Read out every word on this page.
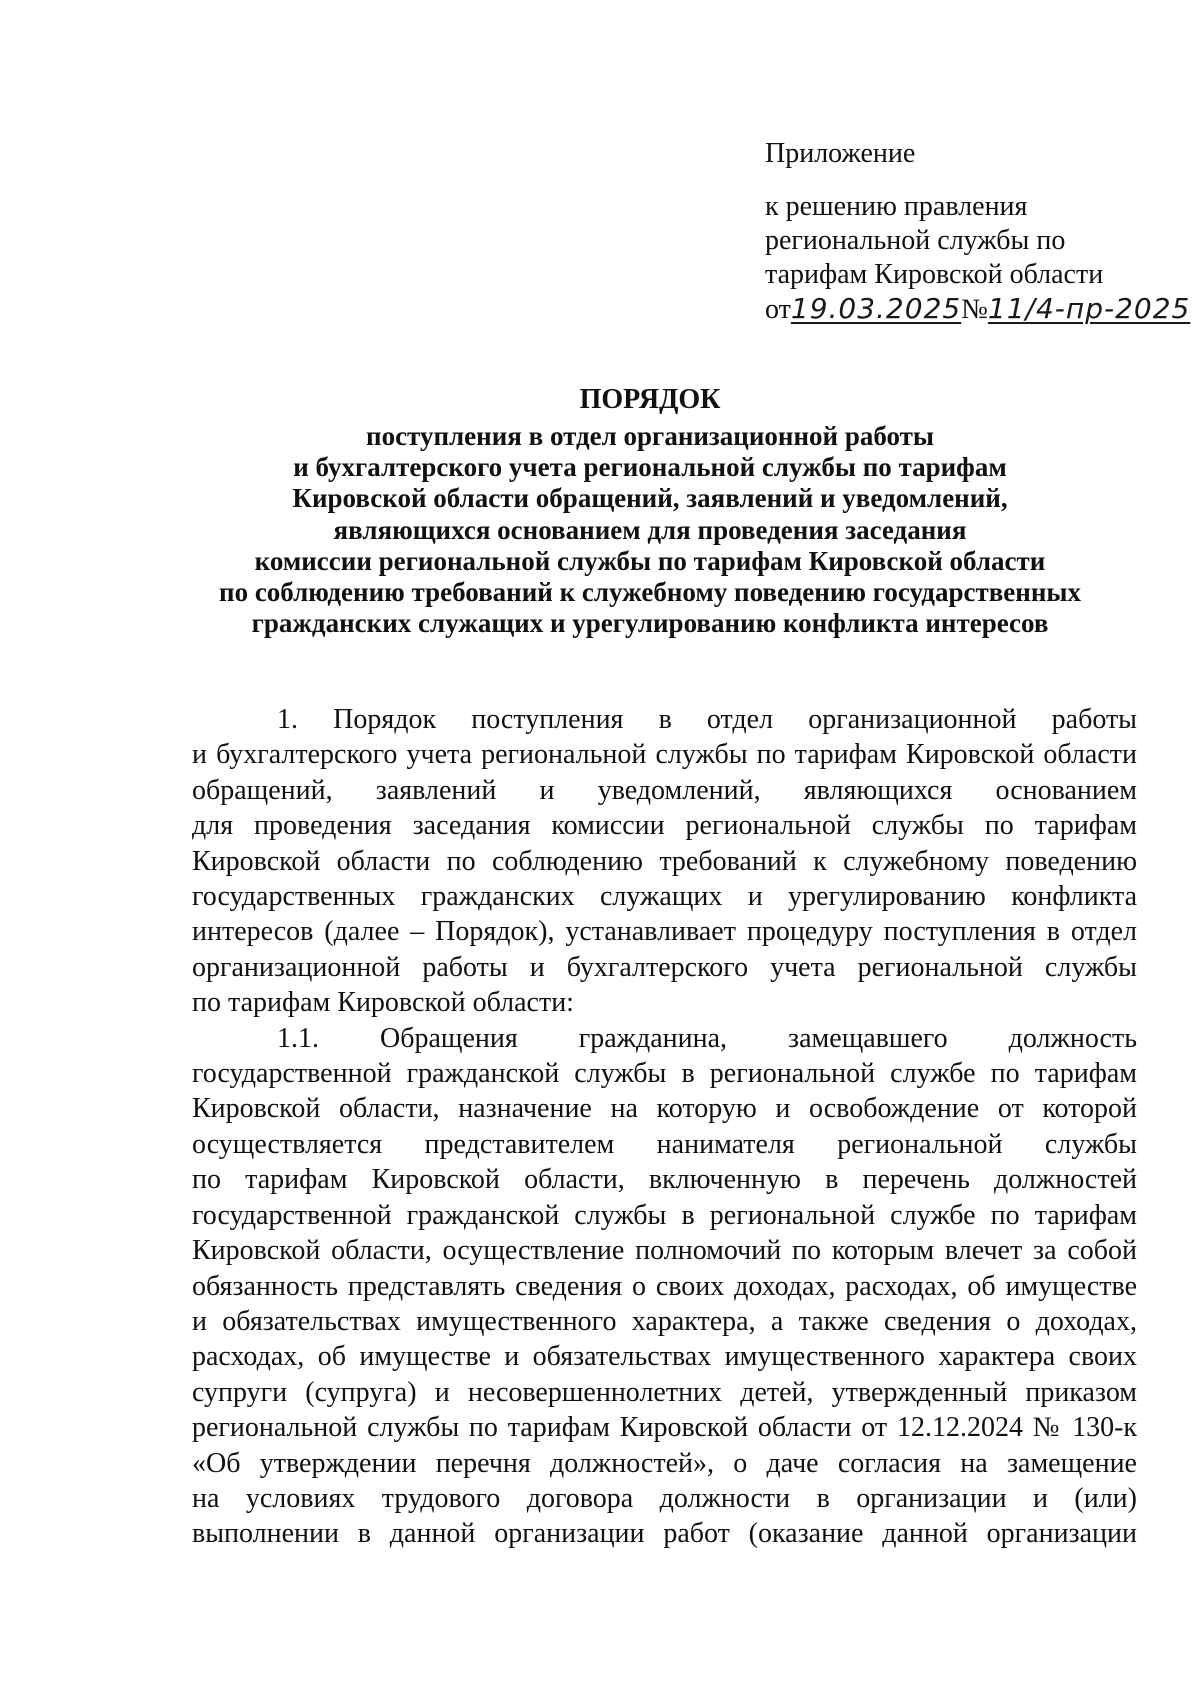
Приложение
к решению правления
региональной службы по
тарифам Кировской области
от19.03.2025№11/4-пр-2025
ПОРЯДОК
поступления в отдел организационной работы
и бухгалтерского учета региональной службы по тарифам
Кировской области обращений, заявлений и уведомлений,
являющихся основанием для проведения заседания
комиссии региональной службы по тарифам Кировской области
по соблюдению требований к служебному поведению государственных
гражданских служащих и урегулированию конфликта интересов
1. Порядок поступления в отдел организационной работы
и бухгалтерского учета региональной службы по тарифам Кировской области
обращений, заявлений и уведомлений, являющихся основанием
для проведения заседания комиссии региональной службы по тарифам
Кировской области по соблюдению требований к служебному поведению
государственных гражданских служащих и урегулированию конфликта
интересов (далее – Порядок), устанавливает процедуру поступления в отдел
организационной работы и бухгалтерского учета региональной службы
по тарифам Кировской области:
1.1. Обращения гражданина, замещавшего должность
государственной гражданской службы в региональной службе по тарифам
Кировской области, назначение на которую и освобождение от которой
осуществляется представителем нанимателя региональной службы
по тарифам Кировской области, включенную в перечень должностей
государственной гражданской службы в региональной службе по тарифам
Кировской области, осуществление полномочий по которым влечет за собой
обязанность представлять сведения о своих доходах, расходах, об имуществе
и обязательствах имущественного характера, а также сведения о доходах,
расходах, об имуществе и обязательствах имущественного характера своих
супруги (супруга) и несовершеннолетних детей, утвержденный приказом
региональной службы по тарифам Кировской области от 12.12.2024 № 130-к
«Об утверждении перечня должностей», о даче согласия на замещение
на условиях трудового договора должности в организации и (или)
выполнении в данной организации работ (оказание данной организации
